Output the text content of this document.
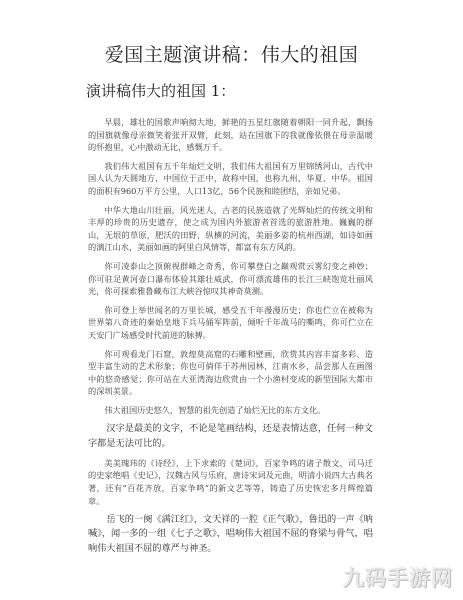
爱国主题演讲稿：伟大的祖国
演讲稿伟大的祖国 1：

早晨，雄壮的国歌声响彻大地，鲜艳的五星红旗随着朝阳一同升起，飘扬的国旗就像母亲微笑着张开双臂，此刻，站在国旗下的我就像依偎在母亲温暖的怀抱里，心中激动无比，感慨万千。

我们伟大祖国有五千年灿烂文明，我们伟大祖国有万里锦绣河山，古代中国人认为天圆地方，中国位于正中，故称中国，也称九州、华夏、中华。祖国的面积有960万平方公里，人口13亿，56个民族和睦团结，亲如兄弟。

中华大地山川壮丽，风光迷人，古老的民族造就了光辉灿烂的传统文明和丰厚的珍贵的历史遗存，使之成为国内外旅游者首选的旅游胜地。巍巍的群山，无垠的草原，肥沃的田野，纵横的河流，美丽多姿的杭州西湖，如诗如画的漓江山水，美丽如画的阿里白风情等，都富有东方风韵。

你可凌泰山之顶俯视群峰之奇秀，你可攀登白之巅观赏云雾幻变之神妙；你可驻足黄河壶口瀑布体验其雄壮威武，你可漂流雄伟的长江三峡饱览壮丽风光，你可探索雅鲁藏布江大峡谷惊叹其神奇莫测。

你可登上举世闻名的万里长城，感受五千年漫漫历史；你也伫立在被称为世界第八奇迹的秦始皇地下兵马俑军阵前，倾听千年战马的嘶鸣，你可伫立在天安门广场感受时代前进的脉搏。

你可观看龙门石窟，敦煌莫高窟的石雕和壁画，欣赏其内容丰富多彩、造型丰富生动的艺术形象；你也可倘佯于苏州园林，江南水乡，品尝那人在画图中的悠奇感觉；你可站在大亚湾海边欣赏由一个小渔村变成的新型国际大都市的深圳美景。

伟大祖国历史悠久，智慧的祖先创造了灿烂无比的东方文化。

汉字是最美的文字，不论是笔画结构，还是表情达意，任何一种文字都是无法可比的。

美美瑰玮的《诗经》，上下求索的《楚词》，百家争鸣的诸子散文，司马迁的史家绝唱《史记》，汉魏古风与乐府，唐诗宋词及元曲，明清小说四大古典名著，还有“百花齐放，百家争鸣”的新文艺等等，铸造了历史恢宏多月辉煌篇章。

岳飞的一阕《满江红》，文天祥的一腔《正气歌》，鲁迅的一声《呐喊》，闻一多的一组《七子之歌》，唱响伟大祖国不屈的脊梁与骨气，唱响伟大祖国不屈的尊严与神圣。

九码手游网
